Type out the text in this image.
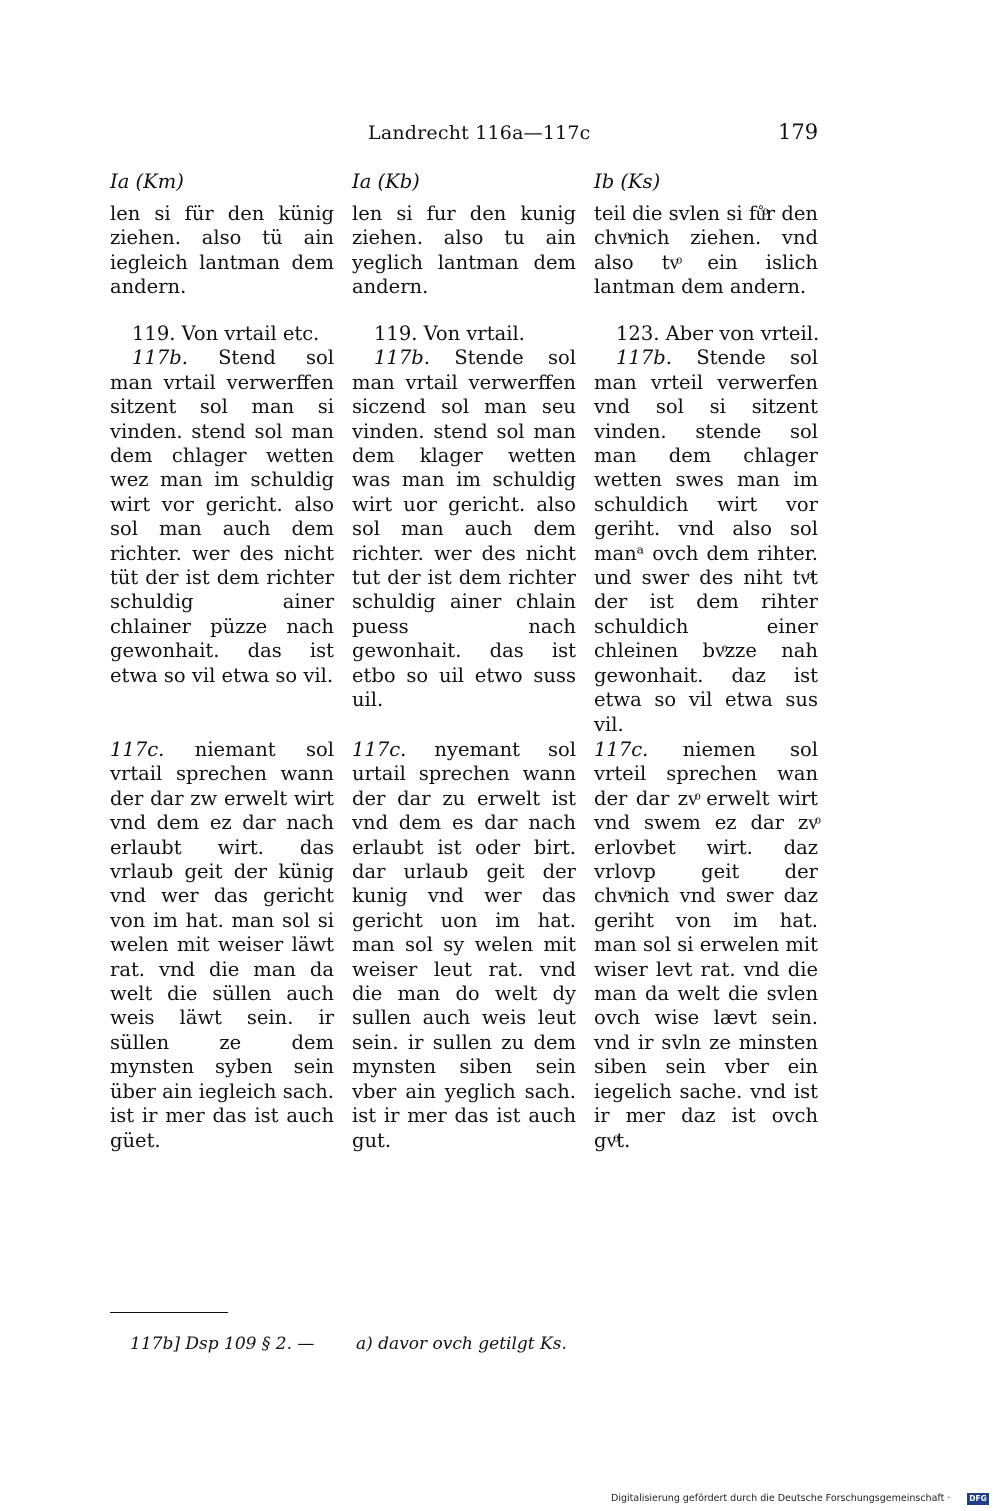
Landrecht 116a—117c	179
Ia (Km)

len si für den künig ziehen. also tü ain iegleich lantman dem andern.

119. Von vrtail etc.

117b. Stend sol man vrtail verwerffen sitzent sol man si vinden. stend sol man dem chlager wetten wez man im schuldig wirt vor gericht. also sol man auch dem richter. wer des nicht tüt der ist dem richter schuldig ainer chlainer püzze nach gewonhait. das ist etwa so vil etwa so vil.

117c. niemant sol vrtail sprechen wann der dar zw erwelt wirt vnd dem ez dar nach erlaubt wirt. das vrlaub geit der künig vnd wer das gericht von im hat. man sol si welen mit weiser läwt rat. vnd die man da welt die süllen auch weis läwt sein. ir süllen ze dem mynsten syben sein über ain iegleich sach. ist ir mer das ist auch güet.

Ia (Kb)

len si fur den kunig ziehen. also tu ain yeglich lantman dem andern.

119. Von vrtail.

117b. Stende sol man vrtail verwerffen siczend sol man seu vinden. stend sol man dem klager wetten was man im schuldig wirt uor gericht. also sol man auch dem richter. wer des nicht tut der ist dem richter schuldig ainer chlain puess nach gewonhait. das ist etbo so uil etwo suss uil.

117c. nyemant sol urtail sprechen wann der dar zu erwelt ist vnd dem es dar nach erlaubt ist oder birt. dar urlaub geit der kunig vnd wer das gericht uon im hat. man sol sy welen mit weiser leut rat. vnd die man do welt dy sullen auch weis leut sein. ir sullen zu dem mynsten siben sein vber ain yeglich sach. ist ir mer das ist auch gut.

Ib (Ks)

teil die svlen si fůͦr den chvͦnich ziehen. vnd also tvͦ ein islich lantman dem andern.

123. Aber von vrteil.

117b. Stende sol man vrteil verwerfen vnd sol si sitzent vinden. stende sol man dem chlager wetten swes man im schuldich wirt vor geriht. vnd also sol manᵃ ovch dem rihter. und swer des niht tvͦt der ist dem rihter schuldich einer chleinen bvͦzze nah gewonhait. daz ist etwa so vil etwa sus vil.

117c. niemen sol vrteil sprechen wan der dar zvͦ erwelt wirt vnd swem ez dar zvͦ erlovbet wirt. daz vrlovp geit der chvͦnich vnd swer daz geriht von im hat. man sol si erwelen mit wiser levt rat. vnd die man da welt die svlen ovch wise lævt sein. vnd ir svln ze minsten siben sein vber ein iegelich sache. vnd ist ir mer daz ist ovch gvͦt.

117b] Dsp 109 § 2. — a) davor ovch getilgt Ks.
Digitalisierung gefördert durch die Deutsche Forschungsgemeinschaft ·	DFG
